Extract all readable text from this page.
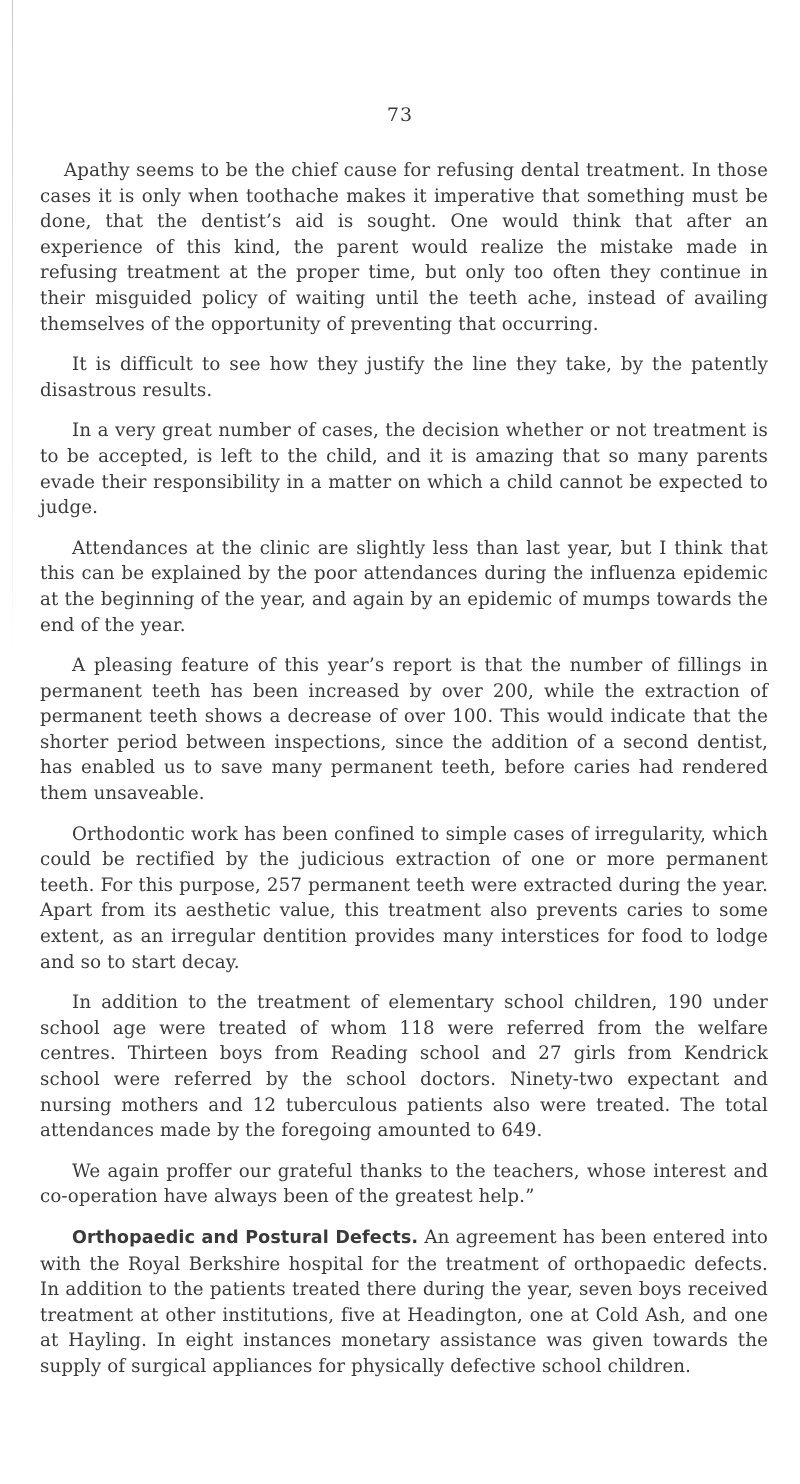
73

Apathy seems to be the chief cause for refusing dental treatment. In those cases it is only when toothache makes it imperative that something must be done, that the dentist’s aid is sought. One would think that after an experience of this kind, the parent would realize the mistake made in refusing treatment at the proper time, but only too often they continue in their misguided policy of waiting until the teeth ache, instead of availing themselves of the opportunity of preventing that occurring.

It is difficult to see how they justify the line they take, by the patently disastrous results.

In a very great number of cases, the decision whether or not treatment is to be accepted, is left to the child, and it is amazing that so many parents evade their responsibility in a matter on which a child cannot be expected to judge.

Attendances at the clinic are slightly less than last year, but I think that this can be explained by the poor attendances during the influenza epidemic at the beginning of the year, and again by an epidemic of mumps towards the end of the year.

A pleasing feature of this year’s report is that the number of fillings in permanent teeth has been increased by over 200, while the extraction of permanent teeth shows a decrease of over 100. This would indicate that the shorter period between inspections, since the addition of a second dentist, has enabled us to save many permanent teeth, before caries had rendered them unsaveable.

Orthodontic work has been confined to simple cases of irregularity, which could be rectified by the judicious extraction of one or more permanent teeth. For this purpose, 257 permanent teeth were extracted during the year. Apart from its aesthetic value, this treatment also prevents caries to some extent, as an irregular dentition provides many interstices for food to lodge and so to start decay.

In addition to the treatment of elementary school children, 190 under school age were treated of whom 118 were referred from the welfare centres. Thirteen boys from Reading school and 27 girls from Kendrick school were referred by the school doctors. Ninety-two expectant and nursing mothers and 12 tuberculous patients also were treated. The total attendances made by the foregoing amounted to 649.

We again proffer our grateful thanks to the teachers, whose interest and co-operation have always been of the greatest help.”

Orthopaedic and Postural Defects. An agreement has been entered into with the Royal Berkshire hospital for the treatment of orthopaedic defects. In addition to the patients treated there during the year, seven boys received treatment at other institutions, five at Headington, one at Cold Ash, and one at Hayling. In eight instances monetary assistance was given towards the supply of surgical appliances for physically defective school children.
